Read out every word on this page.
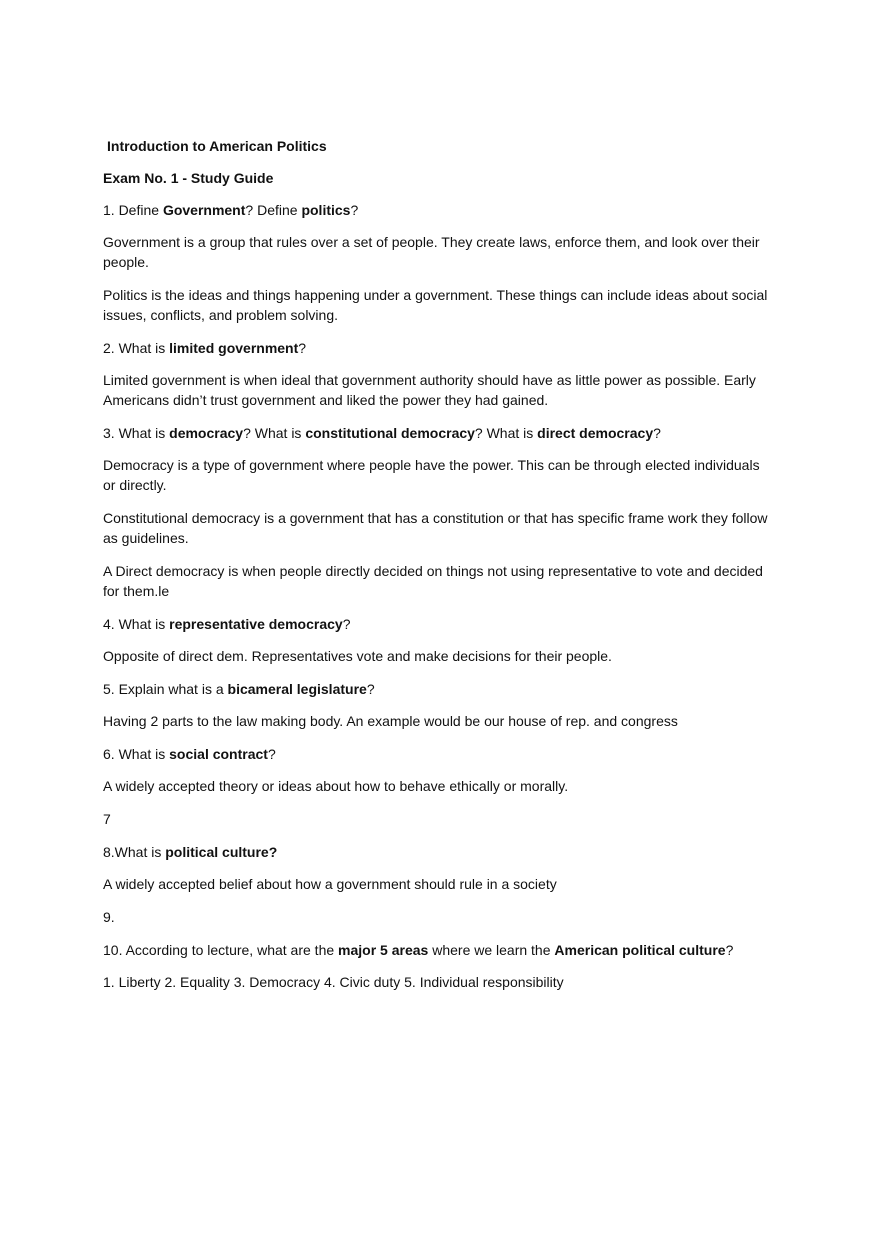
Introduction to American Politics

Exam No. 1 - Study Guide

1. Define Government? Define politics?

Government is a group that rules over a set of people. They create laws, enforce them, and look over their people.

Politics is the ideas and things happening under a government. These things can include ideas about social issues, conflicts, and problem solving.

2. What is limited government?

Limited government is when ideal that government authority should have as little power as possible. Early Americans didn’t trust government and liked the power they had gained.

3. What is democracy? What is constitutional democracy? What is direct democracy?

Democracy is a type of government where people have the power. This can be through elected individuals or directly.

Constitutional democracy is a government that has a constitution or that has specific frame work they follow as guidelines.

A Direct democracy is when people directly decided on things not using representative to vote and decided for them.le

4. What is representative democracy?

Opposite of direct dem. Representatives vote and make decisions for their people.

5. Explain what is a bicameral legislature?

Having 2 parts to the law making body. An example would be our house of rep. and congress

6. What is social contract?

A widely accepted theory or ideas about how to behave ethically or morally.

7

8.What is political culture?

A widely accepted belief about how a government should rule in a society

9.

10. According to lecture, what are the major 5 areas where we learn the American political culture?

1. Liberty 2. Equality 3. Democracy 4. Civic duty 5. Individual responsibility
